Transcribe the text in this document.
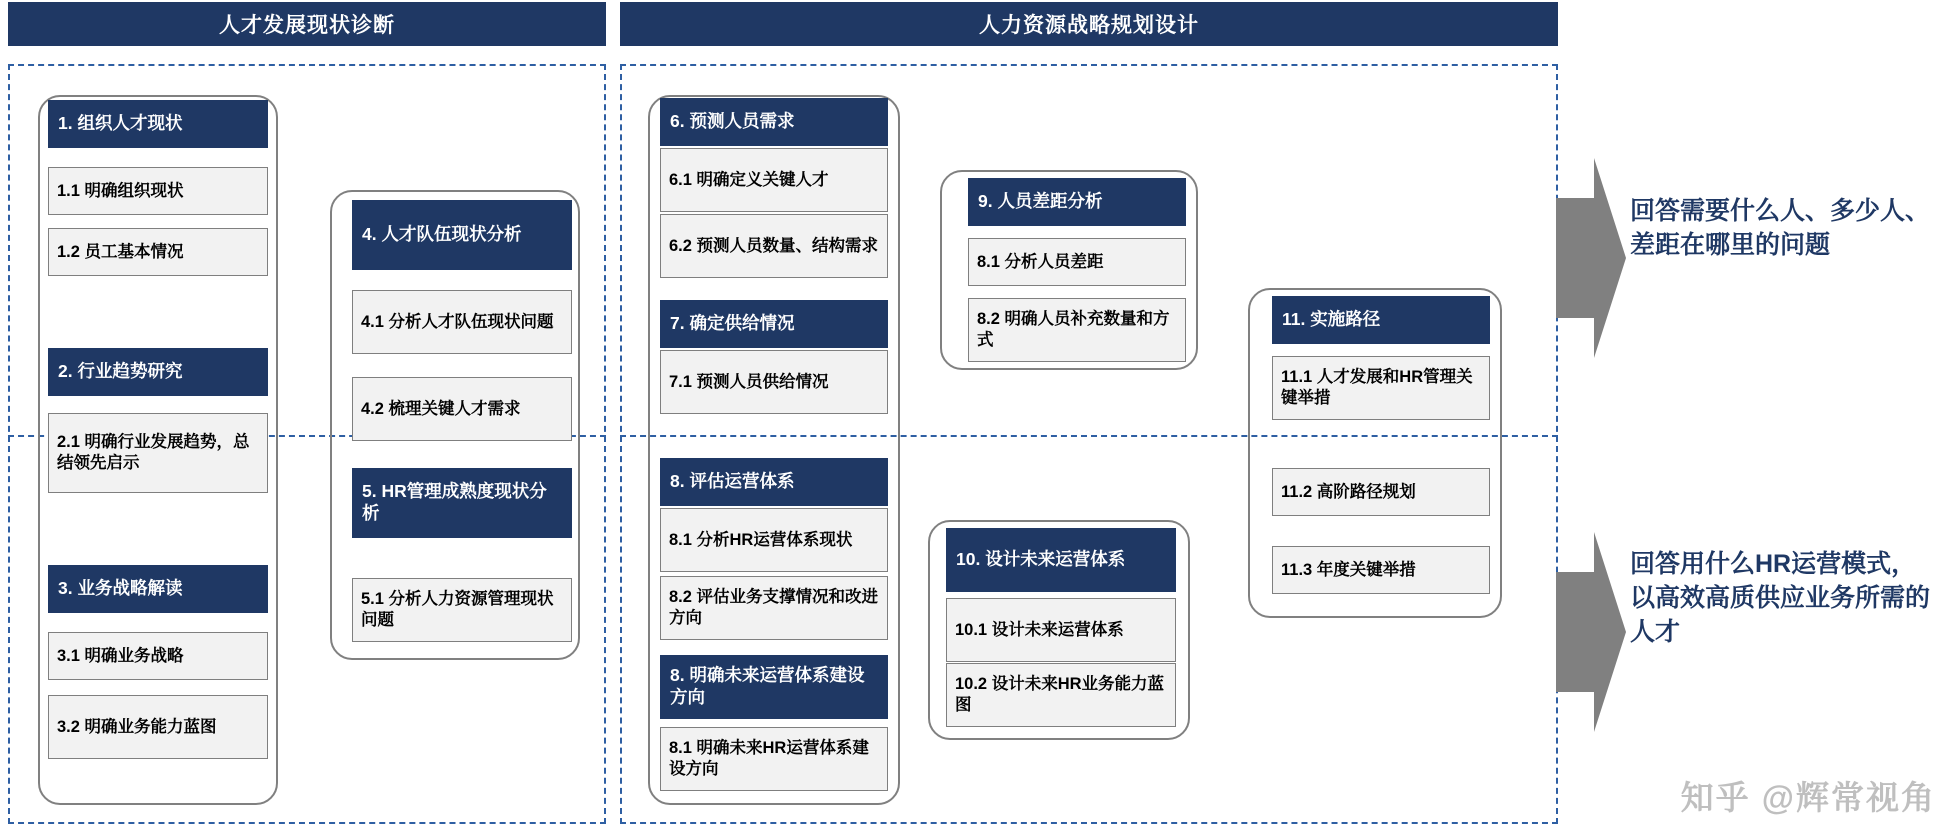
人才发展现状诊断	人力资源战略规划设计
1. 组织人才现状
1.1 明确组织现状
1.2 员工基本情况
2. 行业趋势研究
2.1 明确行业发展趋势，总结领先启示
3. 业务战略解读
3.1 明确业务战略
3.2 明确业务能力蓝图
4. 人才队伍现状分析
4.1 分析人才队伍现状问题
4.2 梳理关键人才需求
5. HR管理成熟度现状分析
5.1 分析人力资源管理现状问题
6. 预测人员需求
6.1 明确定义关键人才
6.2 预测人员数量、结构需求
7. 确定供给情况
7.1 预测人员供给情况
8. 评估运营体系
8.1 分析HR运营体系现状
8.2 评估业务支撑情况和改进方向
8. 明确未来运营体系建设方向
8.1 明确未来HR运营体系建设方向
9. 人员差距分析
8.1 分析人员差距
8.2 明确人员补充数量和方式
10. 设计未来运营体系
10.1 设计未来运营体系
10.2 设计未来HR业务能力蓝图
11. 实施路径
11.1 人才发展和HR管理关键举措
11.2 高阶路径规划
11.3 年度关键举措
回答需要什么人、多少人、差距在哪里的问题
回答用什么HR运营模式，以高效高质供应业务所需的人才
知乎 @辉常视角
